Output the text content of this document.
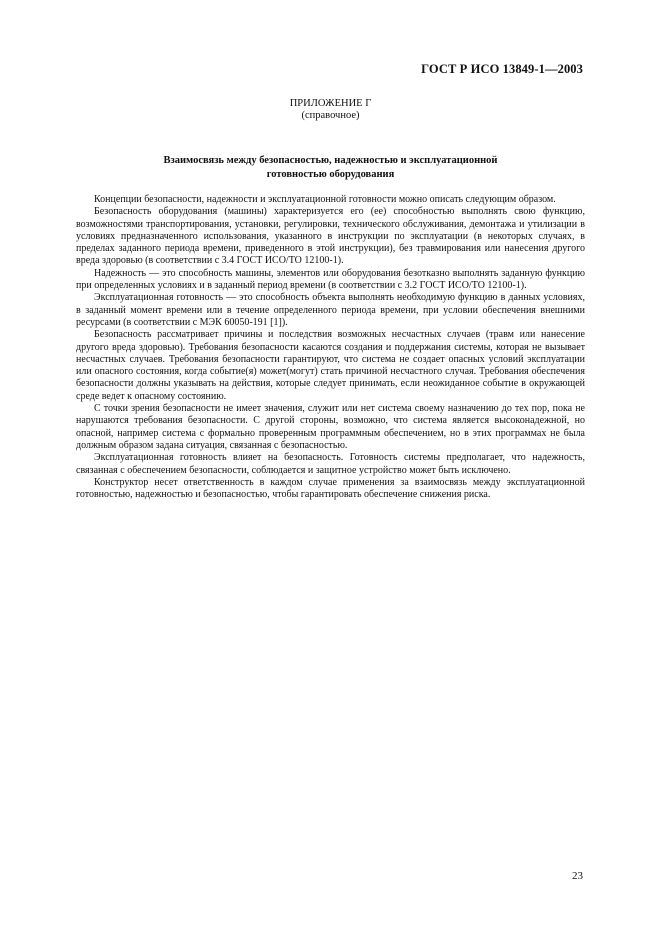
ГОСТ Р ИСО 13849-1—2003
ПРИЛОЖЕНИЕ Г
(справочное)
Взаимосвязь между безопасностью, надежностью и эксплуатационной
готовностью оборудования

Концепции безопасности, надежности и эксплуатационной готовности можно описать следующим образом.

Безопасность оборудования (машины) характеризуется его (ее) способностью выполнять свою функцию, возможностями транспортирования, установки, регулировки, технического обслуживания, демонтажа и утилизации в условиях предназначенного использования, указанного в инструкции по эксплуатации (в некоторых случаях, в пределах заданного периода времени, приведенного в этой инструкции), без травмирования или нанесения другого вреда здоровью (в соответствии с 3.4 ГОСТ ИСО/ТО 12100-1).

Надежность — это способность машины, элементов или оборудования безотказно выполнять заданную функцию при определенных условиях и в заданный период времени (в соответствии с 3.2 ГОСТ ИСО/ТО 12100-1).

Эксплуатационная готовность — это способность объекта выполнять необходимую функцию в данных условиях, в заданный момент времени или в течение определенного периода времени, при условии обеспечения внешними ресурсами (в соответствии с МЭК 60050-191 [1]).

Безопасность рассматривает причины и последствия возможных несчастных случаев (травм или нанесение другого вреда здоровью). Требования безопасности касаются создания и поддержания системы, которая не вызывает несчастных случаев. Требования безопасности гарантируют, что система не создает опасных условий эксплуатации или опасного состояния, когда событие(я) может(могут) стать причиной несчастного случая. Требования обеспечения безопасности должны указывать на действия, которые следует принимать, если неожиданное событие в окружающей среде ведет к опасному состоянию.

С точки зрения безопасности не имеет значения, служит или нет система своему назначению до тех пор, пока не нарушаются требования безопасности. С другой стороны, возможно, что система является высоконадежной, но опасной, например система с формально проверенным программным обеспечением, но в этих программах не была должным образом задана ситуация, связанная с безопасностью.

Эксплуатационная готовность влияет на безопасность. Готовность системы предполагает, что надежность, связанная с обеспечением безопасности, соблюдается и защитное устройство может быть исключено.

Конструктор несет ответственность в каждом случае применения за взаимосвязь между эксплуатационной готовностью, надежностью и безопасностью, чтобы гарантировать обеспечение снижения риска.

23
